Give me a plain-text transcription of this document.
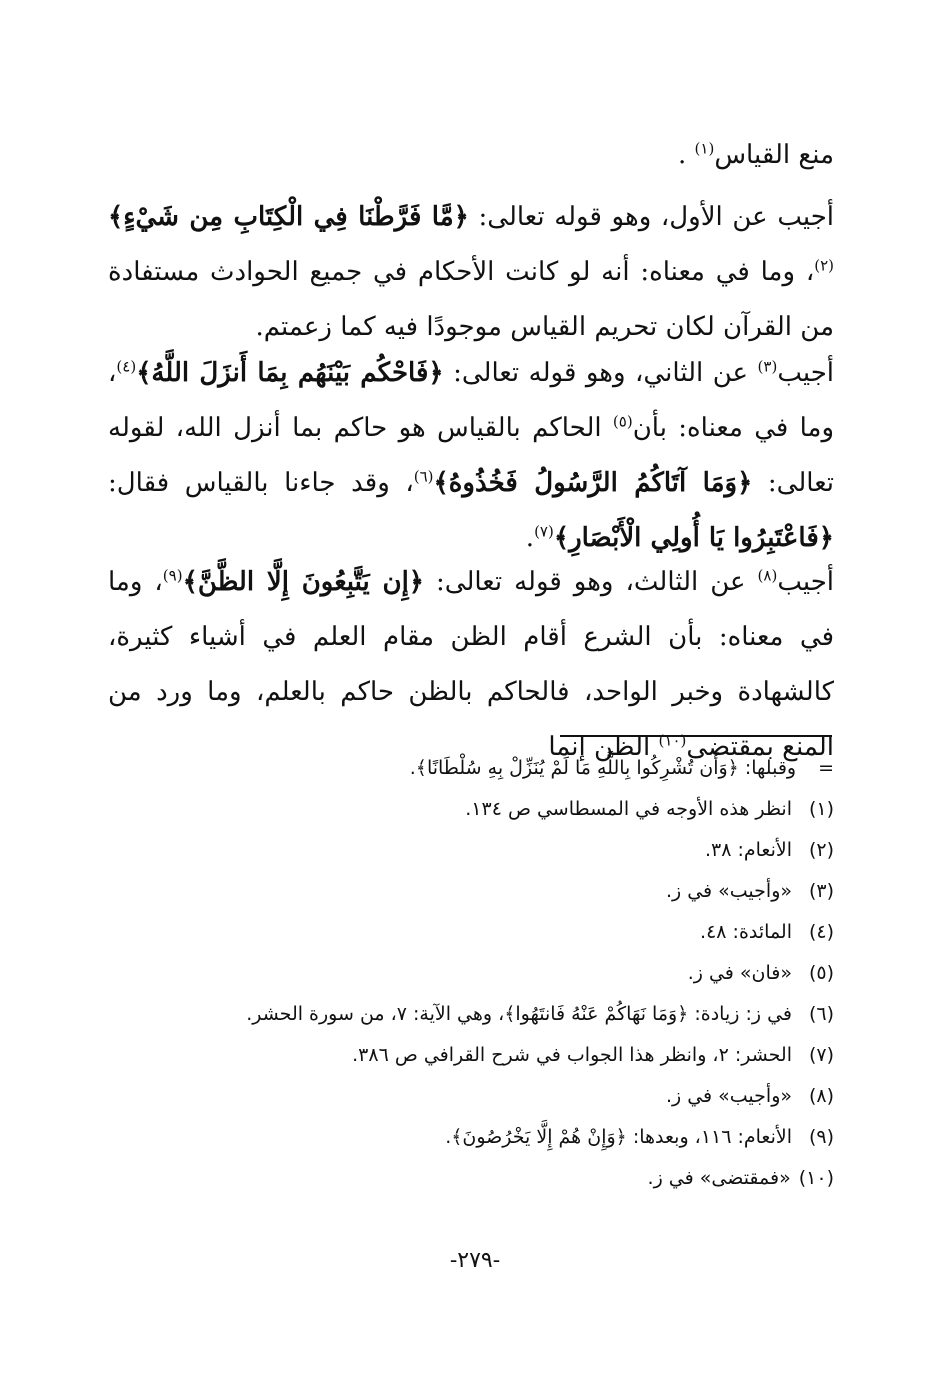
منع القياس$^{(١)}$ .

أجيب عن الأول، وهو قوله تعالى: ﴿مَّا فَرَّطْنَا فِي الْكِتَابِ مِن شَيْءٍ﴾$^{(٢)}$، وما في معناه: أنه لو كانت الأحكام في جميع الحوادث مستفادة من القرآن لكان تحريم القياس موجودًا فيه كما زعمتم.

أجيب$^{(٣)}$ عن الثاني، وهو قوله تعالى: ﴿فَاحْكُم بَيْنَهُم بِمَا أَنزَلَ اللَّهُ﴾$^{(٤)}$، وما في معناه: بأن$^{(٥)}$ الحاكم بالقياس هو حاكم بما أنزل الله، لقوله تعالى: ﴿وَمَا آتَاكُمُ الرَّسُولُ فَخُذُوهُ﴾$^{(٦)}$، وقد جاءنا بالقياس فقال: ﴿فَاعْتَبِرُوا يَا أُولِي الْأَبْصَارِ﴾$^{(٧)}$.

أجيب$^{(٨)}$ عن الثالث، وهو قوله تعالى: ﴿إِن يَتَّبِعُونَ إِلَّا الظَّنَّ﴾$^{(٩)}$، وما في معناه: بأن الشرع أقام الظن مقام العلم في أشياء كثيرة، كالشهادة وخبر الواحد، فالحاكم بالظن حاكم بالعلم، وما ورد من المنع بمقتضى$^{(١٠)}$ الظن إنما

=وقبلها: ﴿وَأَن تُشْرِكُوا بِاللَّهِ مَا لَمْ يُنَزِّلْ بِهِ سُلْطَانًا﴾.
(١)انظر هذه الأوجه في المسطاسي ص ١٣٤.
(٢)الأنعام: ٣٨.
(٣)«وأجيب» في ز.
(٤)المائدة: ٤٨.
(٥)«فان» في ز.
(٦)في ز: زيادة: ﴿وَمَا نَهَاكُمْ عَنْهُ فَانتَهُوا﴾، وهي الآية: ٧، من سورة الحشر.
(٧)الحشر: ٢، وانظر هذا الجواب في شرح القرافي ص ٣٨٦.
(٨)«وأجيب» في ز.
(٩)الأنعام: ١١٦، وبعدها: ﴿وَإِنْ هُمْ إِلَّا يَخْرُصُونَ﴾.
(١٠)«فمقتضى» في ز.
-٢٧٩-
